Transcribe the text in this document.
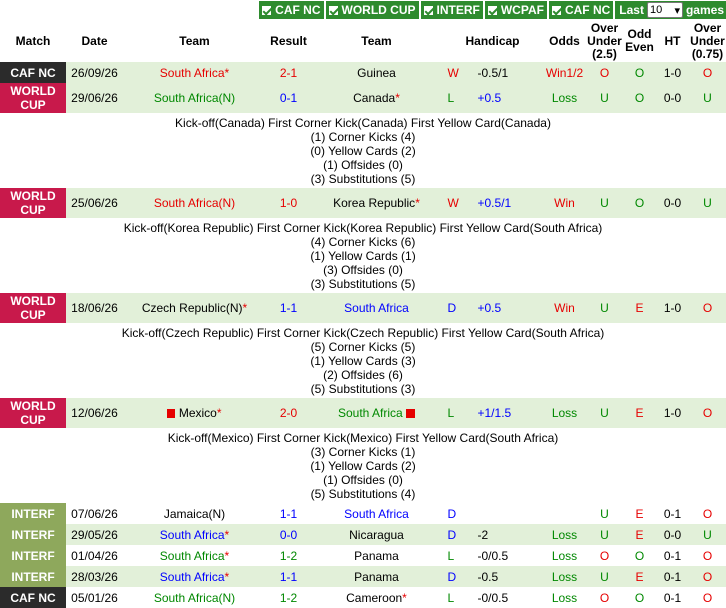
CAF NC WORLD CUP INTERF WCPAF CAF NC Last 10 ▾ games
Match	Date	Team	Result	Team	Handicap	Odds	Over Under (2.5)	Odd Even	HT	Over Under (0.75)
CAF NC	26/09/26	South Africa*	2-1	Guinea	W -0.5/1	Win1/2	O	O	1-0	O
WORLD CUP	29/06/26	South Africa(N)	0-1	Canada*	L +0.5	Loss	U	O	0-0	U

Kick-off(Canada) First Corner Kick(Canada) First Yellow Card(Canada)
(1) Corner Kicks (4)
(0) Yellow Cards (2)
(1) Offsides (0)
(3) Substitutions (5)										

WORLD CUP	25/06/26	South Africa(N)	1-0	Korea Republic*	W +0.5/1	Win	U	O	0-0	U

Kick-off(Korea Republic) First Corner Kick(Korea Republic) First Yellow Card(South Africa)
(4) Corner Kicks (6)
(1) Yellow Cards (1)
(3) Offsides (0)
(3) Substitutions (5)										

WORLD CUP	18/06/26	Czech Republic(N)*	1-1	South Africa	D +0.5	Win	U	E	1-0	O

Kick-off(Czech Republic) First Corner Kick(Czech Republic) First Yellow Card(South Africa)
(5) Corner Kicks (5)
(1) Yellow Cards (3)
(2) Offsides (6)
(5) Substitutions (3)										

WORLD CUP	12/06/26	Mexico*	2-0	South Africa	L +1/1.5	Loss	U	E	1-0	O

Kick-off(Mexico) First Corner Kick(Mexico) First Yellow Card(South Africa)
(3) Corner Kicks (1)
(1) Yellow Cards (2)
(1) Offsides (0)
(5) Substitutions (4)										

INTERF	07/06/26	Jamaica(N)	1-1	South Africa	D		U	E	0-1	O
INTERF	29/05/26	South Africa*	0-0	Nicaragua	D -2	Loss	U	E	0-0	U
INTERF	01/04/26	South Africa*	1-2	Panama	L -0/0.5	Loss	O	O	0-1	O
INTERF	28/03/26	South Africa*	1-1	Panama	D -0.5	Loss	U	E	0-1	O
CAF NC	05/01/26	South Africa(N)	1-2	Cameroon*	L -0/0.5	Loss	O	O	0-1	O
